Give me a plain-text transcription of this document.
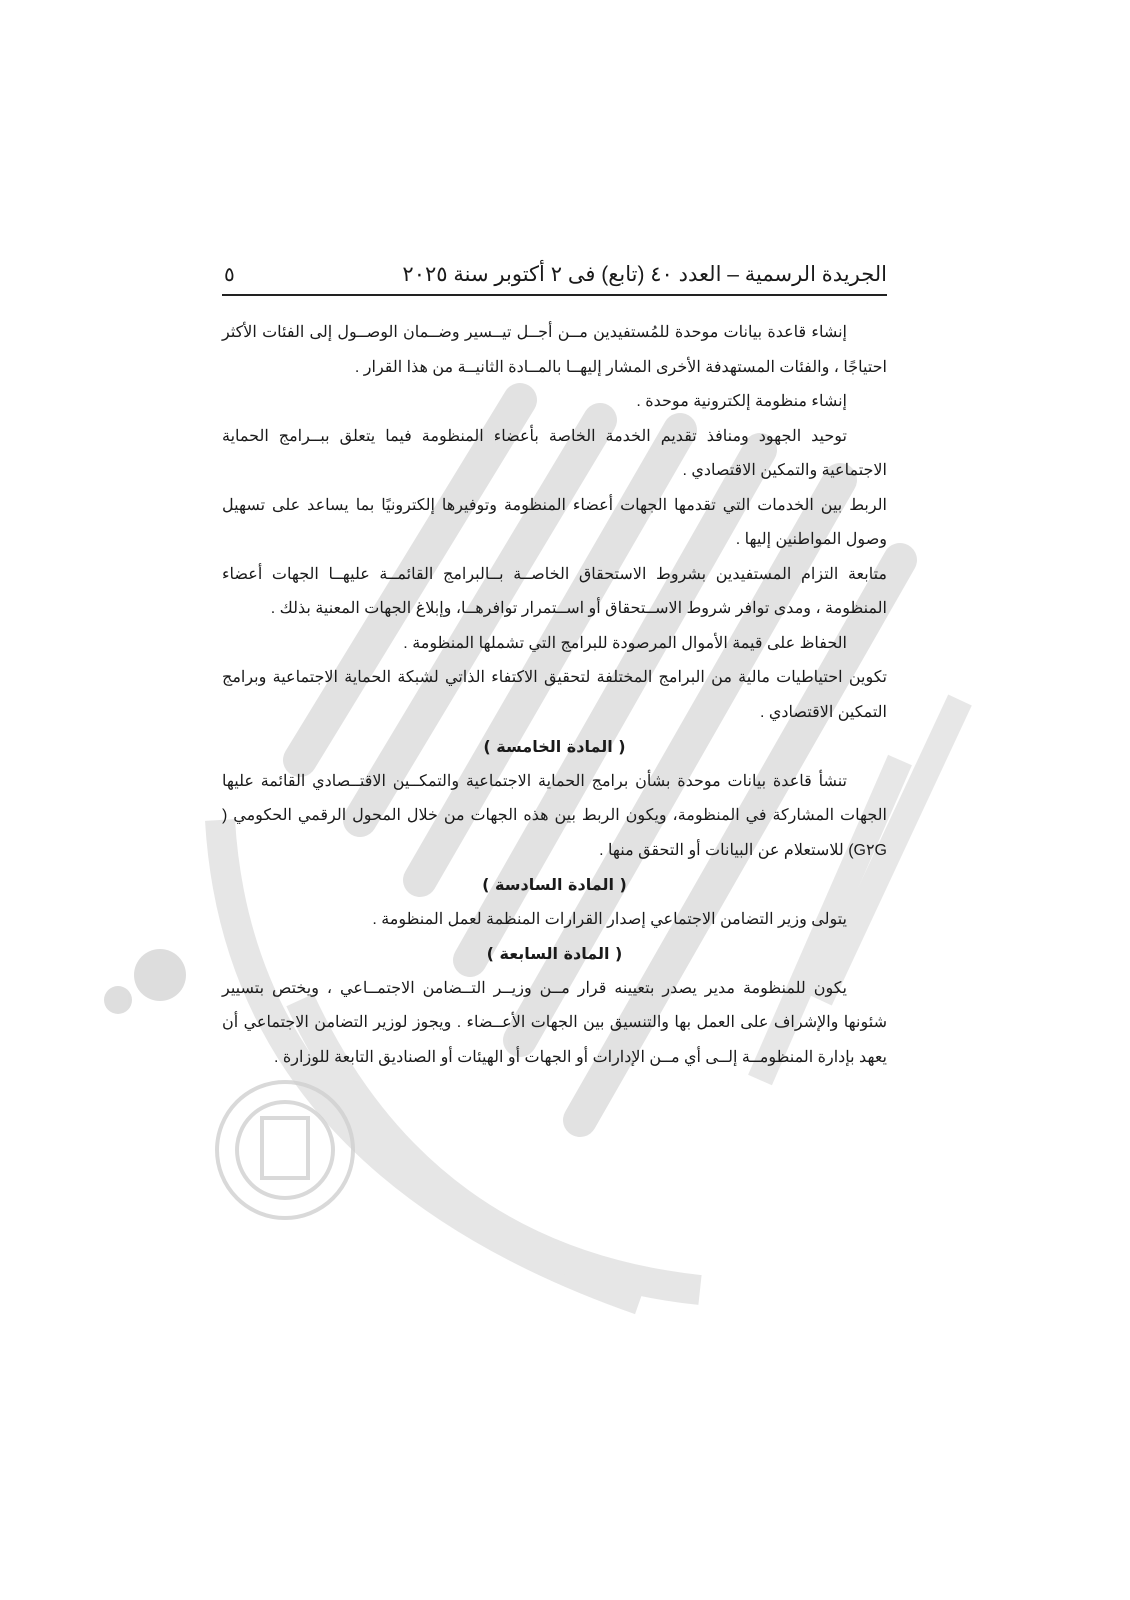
الجريدة الرسمية – العدد ٤٠ (تابع) فى ٢ أكتوبر سنة ٢٠٢٥
٥

إنشاء قاعدة بيانات موحدة للمُستفيدين مــن أجــل تيــسير وضــمان الوصــول إلى الفئات الأكثر احتياجًا ، والفئات المستهدفة الأخرى المشار إليهــا بالمــادة الثانيــة من هذا القرار .

إنشاء منظومة إلكترونية موحدة .

توحيد الجهود ومنافذ تقديم الخدمة الخاصة بأعضاء المنظومة فيما يتعلق ببــرامج الحماية الاجتماعية والتمكين الاقتصادي .

الربط بين الخدمات التي تقدمها الجهات أعضاء المنظومة وتوفيرها إلكترونيًا بما يساعد على تسهيل وصول المواطنين إليها .

متابعة التزام المستفيدين بشروط الاستحقاق الخاصــة بــالبرامج القائمــة عليهــا الجهات أعضاء المنظومة ، ومدى توافر شروط الاســتحقاق أو اســتمرار توافرهــا، وإبلاغ الجهات المعنية بذلك .

الحفاظ على قيمة الأموال المرصودة للبرامج التي تشملها المنظومة .

تكوين احتياطيات مالية من البرامج المختلفة لتحقيق الاكتفاء الذاتي لشبكة الحماية الاجتماعية وبرامج التمكين الاقتصادي .

( المادة الخامسة )

تنشأ قاعدة بيانات موحدة بشأن برامج الحماية الاجتماعية والتمكــين الاقتــصادي القائمة عليها الجهات المشاركة في المنظومة، ويكون الربط بين هذه الجهات من خلال المحول الرقمي الحكومي ( G٢G) للاستعلام عن البيانات أو التحقق منها .

( المادة السادسة )

يتولى وزير التضامن الاجتماعي إصدار القرارات المنظمة لعمل المنظومة .

( المادة السابعة )

يكون للمنظومة مدير يصدر بتعيينه قرار مــن وزيــر التــضامن الاجتمــاعي ، ويختص بتسيير شئونها والإشراف على العمل بها والتنسيق بين الجهات الأعــضاء . ويجوز لوزير التضامن الاجتماعي أن يعهد بإدارة المنظومــة إلــى أي مــن الإدارات أو الجهات أو الهيئات أو الصناديق التابعة للوزارة .
